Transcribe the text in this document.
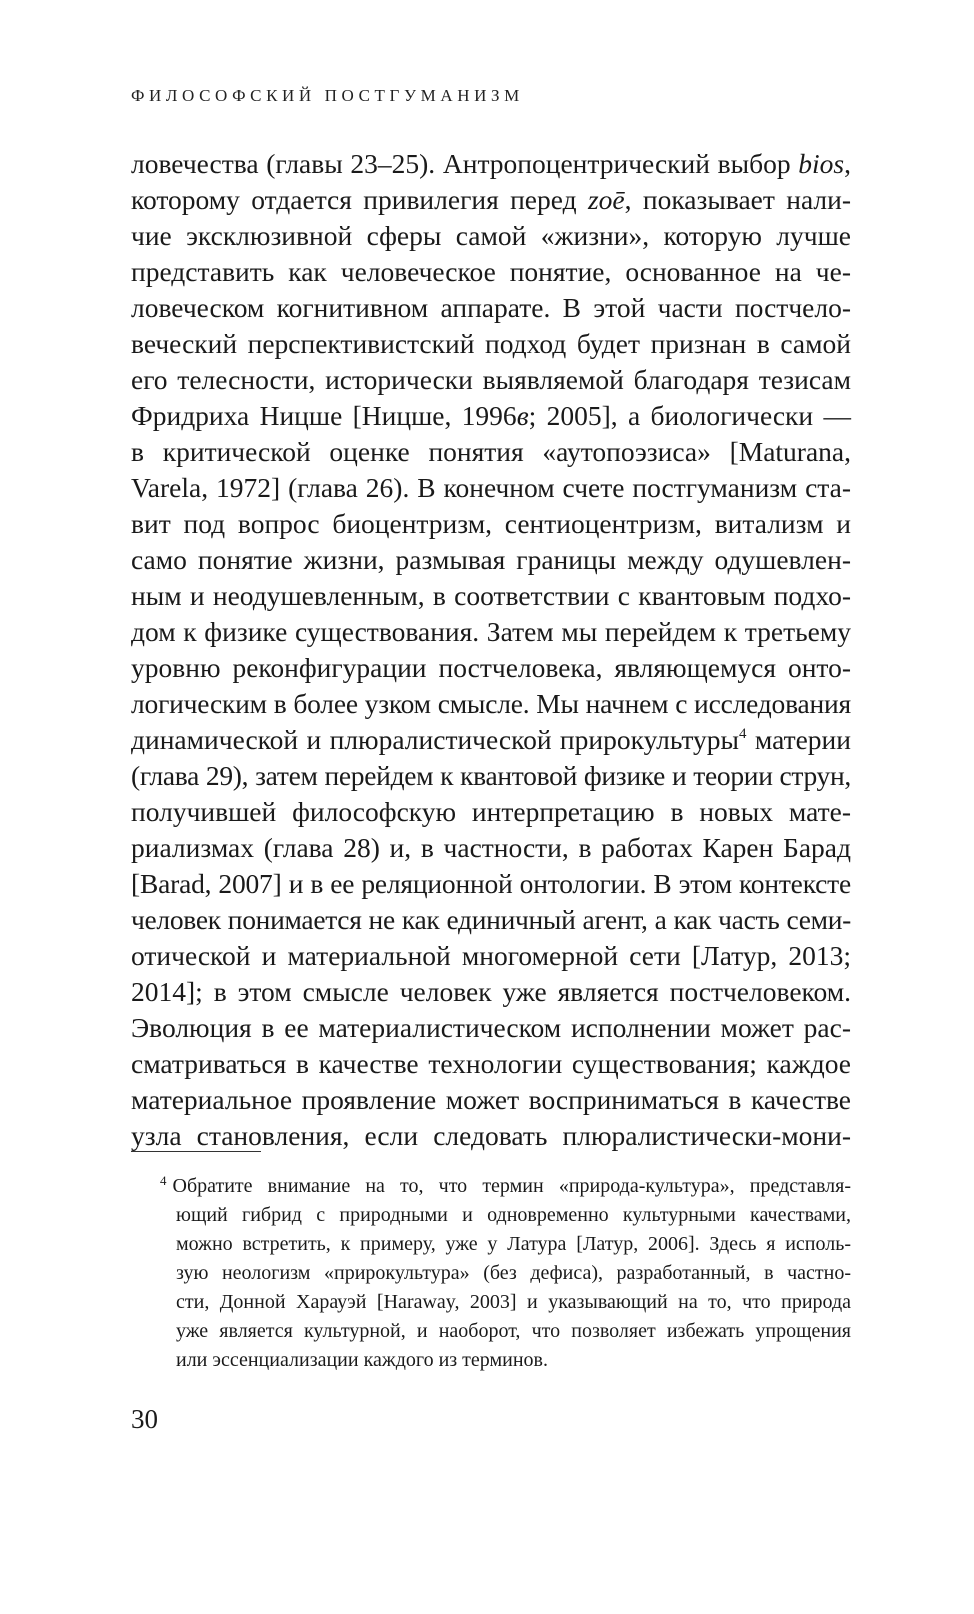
ФИЛОСОФСКИЙ ПОСТГУМАНИЗМ
ловечества (главы 23–25). Антропоцентрический выбор bios,
которому отдается привилегия перед zoē, показывает нали-
чие эксклюзивной сферы самой «жизни», которую лучше
представить как человеческое понятие, основанное на че-
ловеческом когнитивном аппарате. В этой части постчело-
веческий перспективистский подход будет признан в самой
его телесности, исторически выявляемой благодаря тезисам
Фридриха Ницше [Ницше, 1996в; 2005], а биологически —
в критической оценке понятия «аутопоэзиса» [Maturana,
Varela, 1972] (глава 26). В конечном счете постгуманизм ста-
вит под вопрос биоцентризм, сентиоцентризм, витализм и
само понятие жизни, размывая границы между одушевлен-
ным и неодушевленным, в соответствии с квантовым подхо-
дом к физике существования. Затем мы перейдем к третьему
уровню реконфигурации постчеловека, являющемуся онто-
логическим в более узком смысле. Мы начнем с исследования
динамической и плюралистической прирокультуры$^4$ материи
(глава 29), затем перейдем к квантовой физике и теории струн,
получившей философскую интерпретацию в новых мате-
риализмах (глава 28) и, в частности, в работах Карен Барад
[Barad, 2007] и в ее реляционной онтологии. В этом контексте
человек понимается не как единичный агент, а как часть семи-
отической и материальной многомерной сети [Латур, 2013;
2014]; в этом смысле человек уже является постчеловеком.
Эволюция в ее материалистическом исполнении может рас-
сматриваться в качестве технологии существования; каждое
материальное проявление может восприниматься в качестве
узла становления, если следовать плюралистически-мони-
$^4$ Обратите внимание на то, что термин «природа-культура», представля-
ющий гибрид с природными и одновременно культурными качествами,
можно встретить, к примеру, уже у Латура [Латур, 2006]. Здесь я исполь-
зую неологизм «прирокультура» (без дефиса), разработанный, в частно-
сти, Донной Харауэй [Haraway, 2003] и указывающий на то, что природа
уже является культурной, и наоборот, что позволяет избежать упрощения
или эссенциализации каждого из терминов.
30
